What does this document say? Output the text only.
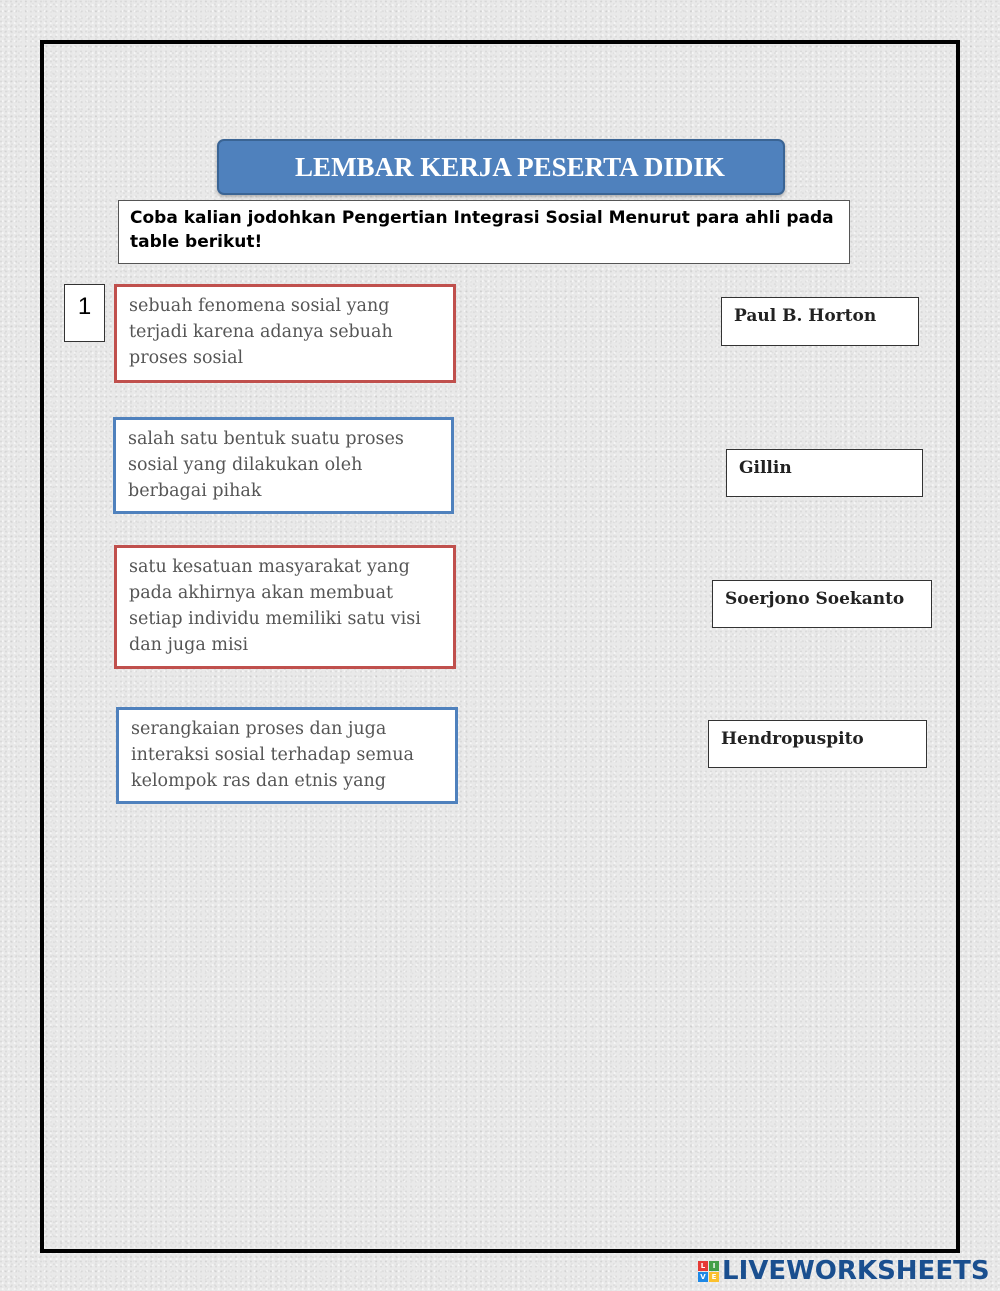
LEMBAR KERJA PESERTA DIDIK
Coba kalian jodohkan Pengertian Integrasi Sosial Menurut para ahli pada table berikut!
1	sebuah fenomena sosial yang terjadi karena adanya sebuah proses sosial
salah satu bentuk suatu proses sosial yang dilakukan oleh berbagai pihak
satu kesatuan masyarakat yang pada akhirnya akan membuat setiap individu memiliki satu visi dan juga misi
serangkaian proses dan juga interaksi sosial terhadap semua kelompok ras dan etnis yang
Paul B. Horton
Gillin
Soerjono Soekanto
Hendropuspito
L	I
V E LIVEWORKSHEETS
